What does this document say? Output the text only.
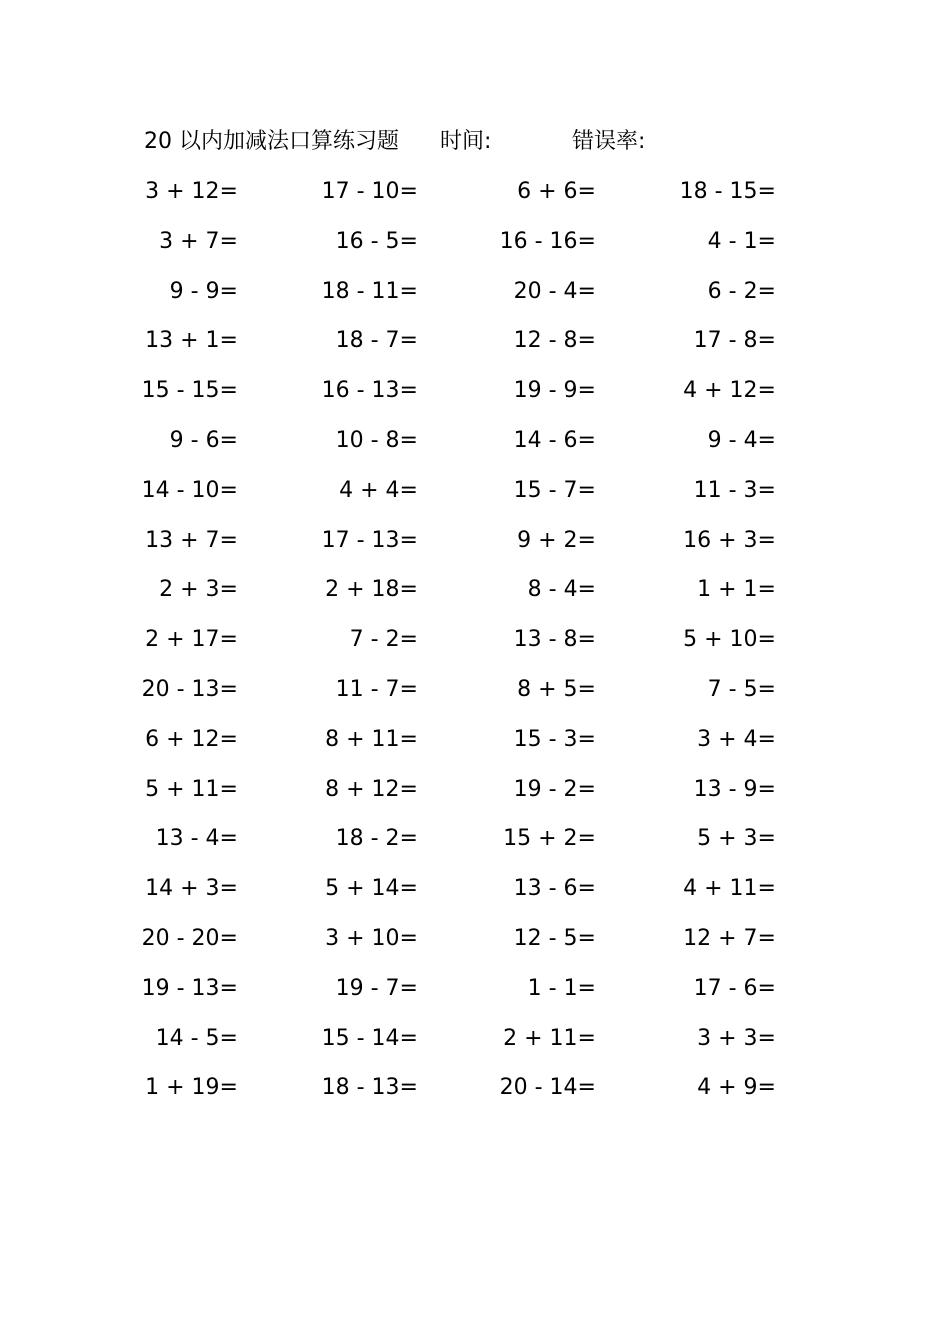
20 以内加减法口算练习题 时间:	错误率:
3 + 12=	17 - 10=	6 + 6=	18 - 15=
3 + 7=	16 - 5=	16 - 16=	4 - 1=
9 - 9=	18 - 11=	20 - 4=	6 - 2=
13 + 1=	18 - 7=	12 - 8=	17 - 8=
15 - 15=	16 - 13=	19 - 9=	4 + 12=
9 - 6=	10 - 8=	14 - 6=	9 - 4=
14 - 10=	4 + 4=	15 - 7=	11 - 3=
13 + 7=	17 - 13=	9 + 2=	16 + 3=
2 + 3=	2 + 18=	8 - 4=	1 + 1=
2 + 17=	7 - 2=	13 - 8=	5 + 10=
20 - 13=	11 - 7=	8 + 5=	7 - 5=
6 + 12=	8 + 11=	15 - 3=	3 + 4=
5 + 11=	8 + 12=	19 - 2=	13 - 9=
13 - 4=	18 - 2=	15 + 2=	5 + 3=
14 + 3=	5 + 14=	13 - 6=	4 + 11=
20 - 20=	3 + 10=	12 - 5=	12 + 7=
19 - 13=	19 - 7=	1 - 1=	17 - 6=
14 - 5=	15 - 14=	2 + 11=	3 + 3=
1 + 19=	18 - 13=	20 - 14=	4 + 9=
